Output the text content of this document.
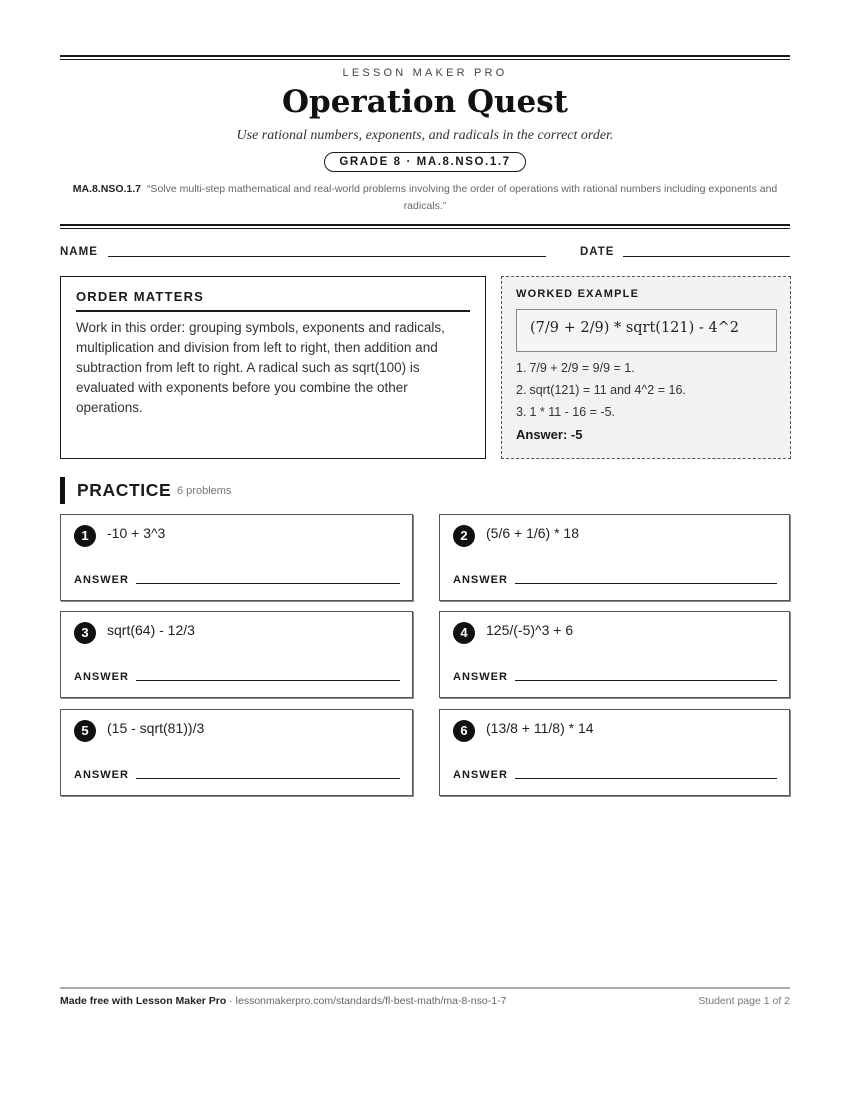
LESSON MAKER PRO
Operation Quest
Use rational numbers, exponents, and radicals in the correct order.
GRADE 8 · MA.8.NSO.1.7
MA.8.NSO.1.7 “Solve multi-step mathematical and real-world problems involving the order of operations with rational numbers including exponents and radicals.”
NAME	DATE
ORDER MATTERS

Work in this order: grouping symbols, exponents and radicals, multiplication and division from left to right, then addition and subtraction from left to right. A radical such as sqrt(100) is evaluated with exponents before you combine the other operations.

WORKED EXAMPLE
(7/9 + 2/9) * sqrt(121) - 4^2
1. 7/9 + 2/9 = 9/9 = 1.
2. sqrt(121) = 11 and 4^2 = 16.
3. 1 * 11 - 16 = -5.
Answer: -5
PRACTICE 6 problems
1	-10 + 3^3
ANSWER
2	(5/6 + 1/6) * 18
ANSWER
3	sqrt(64) - 12/3
ANSWER
4	125/(-5)^3 + 6
ANSWER
5	(15 - sqrt(81))/3
ANSWER
6	(13/8 + 11/8) * 14
ANSWER
Made free with Lesson Maker Pro · lessonmakerpro.com/standards/fl-best-math/ma-8-nso-1-7	Student page 1 of 2
